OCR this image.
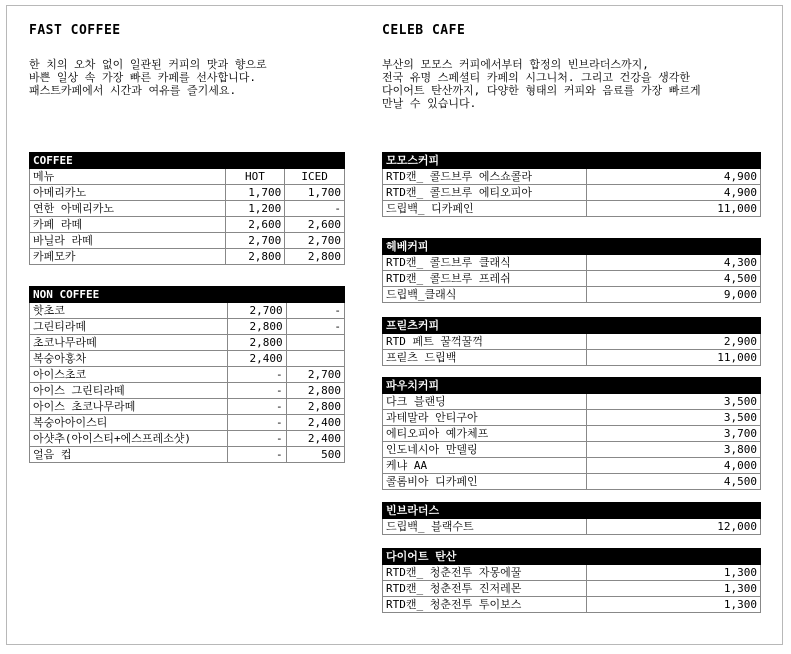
FAST COFFEE
한 치의 오차 없이 일관된 커피의 맛과 향으로
바쁜 일상 속 가장 빠른 카페를 선사합니다.
패스트카페에서 시간과 여유를 즐기세요.
COFFEE		
메뉴	HOT	ICED
아메리카노	1,700	1,700
연한 아메리카노	1,200	-
카페 라떼	2,600	2,600
바닐라 라떼	2,700	2,700
카페모카	2,800	2,800
NON COFFEE		
핫초코	2,700	-
그린티라떼	2,800	-
초코나무라떼	2,800	
복숭아홍차	2,400	
아이스초코	-	2,700
아이스 그린티라떼	-	2,800
아이스 초코나무라떼	-	2,800
복숭아아이스티	-	2,400
아샷추(아이스티+에스프레소샷)	-	2,400
얼음 컵	-	500
CELEB CAFE
부산의 모모스 커피에서부터 합정의 빈브라더스까지,
전국 유명 스페셜티 카페의 시그니처. 그리고 건강을 생각한
다이어트 탄산까지, 다양한 형태의 커피와 음료를 가장 빠르게
만날 수 있습니다.
모모스커피	
RTD캔_ 콜드브루 에스쇼콜라	4,900
RTD캔_ 콜드브루 에티오피아	4,900
드립백_ 디카페인	11,000
헤베커피	
RTD캔_ 콜드브루 클래식	4,300
RTD캔_ 콜드브루 프레쉬	4,500
드립백_클래식	9,000
프릳츠커피	
RTD 페트 꿀꺽꿀꺽	2,900
프릳츠 드립백	11,000
파우치커피	
다크 블랜딩	3,500
과테말라 안티구아	3,500
에티오피아 예가체프	3,700
인도네시아 만델링	3,800
케냐 AA	4,000
콜롬비아 디카페인	4,500
빈브라더스
드립백_ 블랙수트	12,000
다이어트 탄산	
RTD캔_ 청춘전투 자몽에꿀	1,300
RTD캔_ 청춘전투 진저레몬	1,300
RTD캔_ 청춘전투 투이보스	1,300
